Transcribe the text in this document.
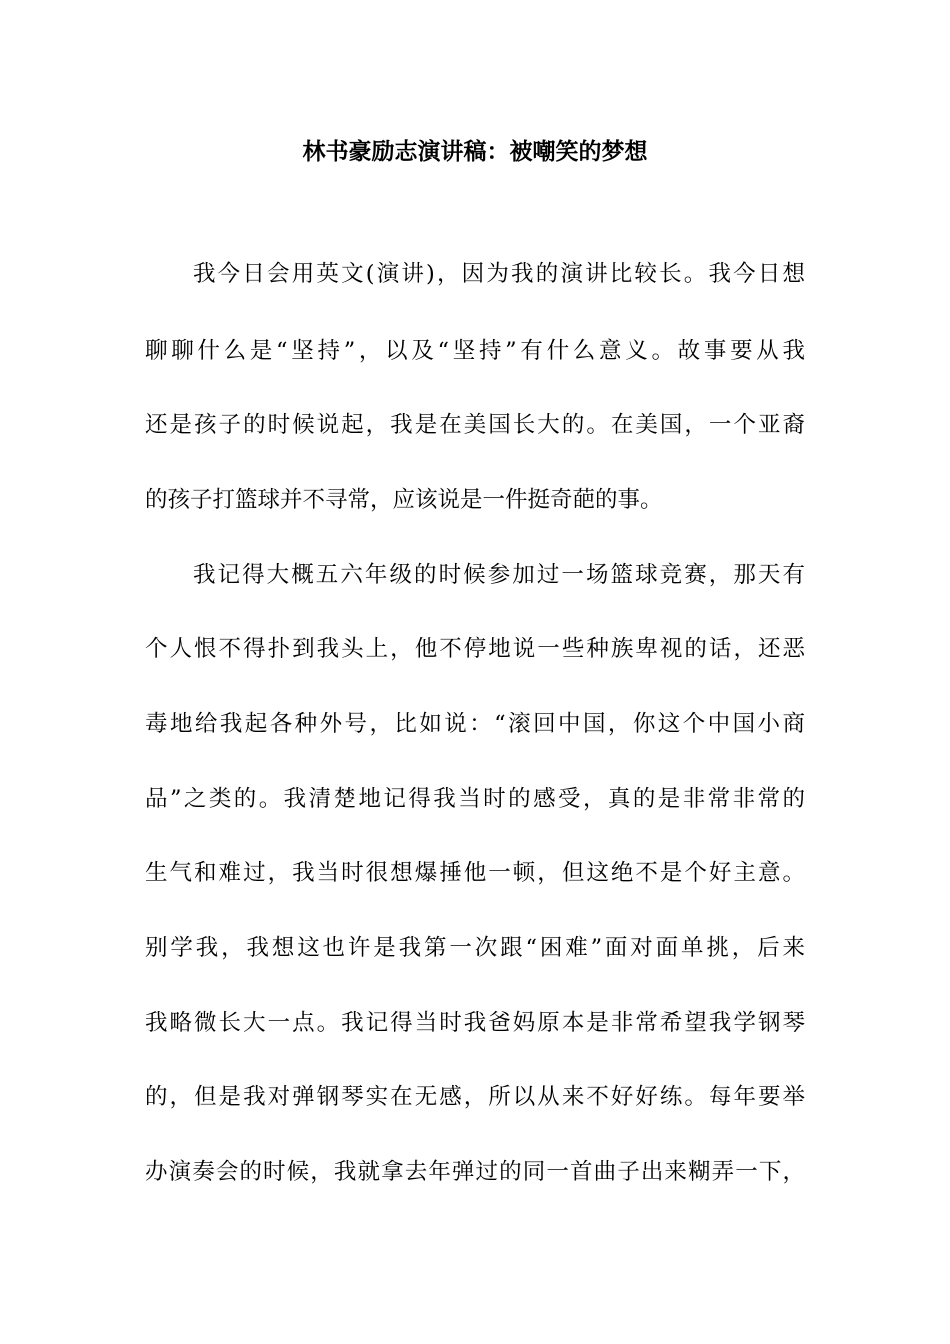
林书豪励志演讲稿：被嘲笑的梦想

我今日会用英文(演讲)，因为我的演讲比较长。我今日想

聊聊什么是“坚持”，以及“坚持”有什么意义。故事要从我

还是孩子的时候说起，我是在美国长大的。在美国，一个亚裔

的孩子打篮球并不寻常，应该说是一件挺奇葩的事。

我记得大概五六年级的时候参加过一场篮球竞赛，那天有

个人恨不得扑到我头上，他不停地说一些种族卑视的话，还恶

毒地给我起各种外号，比如说：“滚回中国，你这个中国小商

品”之类的。我清楚地记得我当时的感受，真的是非常非常的

生气和难过，我当时很想爆捶他一顿，但这绝不是个好主意。

别学我，我想这也许是我第一次跟“困难”面对面单挑，后来

我略微长大一点。我记得当时我爸妈原本是非常希望我学钢琴

的，但是我对弹钢琴实在无感，所以从来不好好练。每年要举

办演奏会的时候，我就拿去年弹过的同一首曲子出来糊弄一下，
